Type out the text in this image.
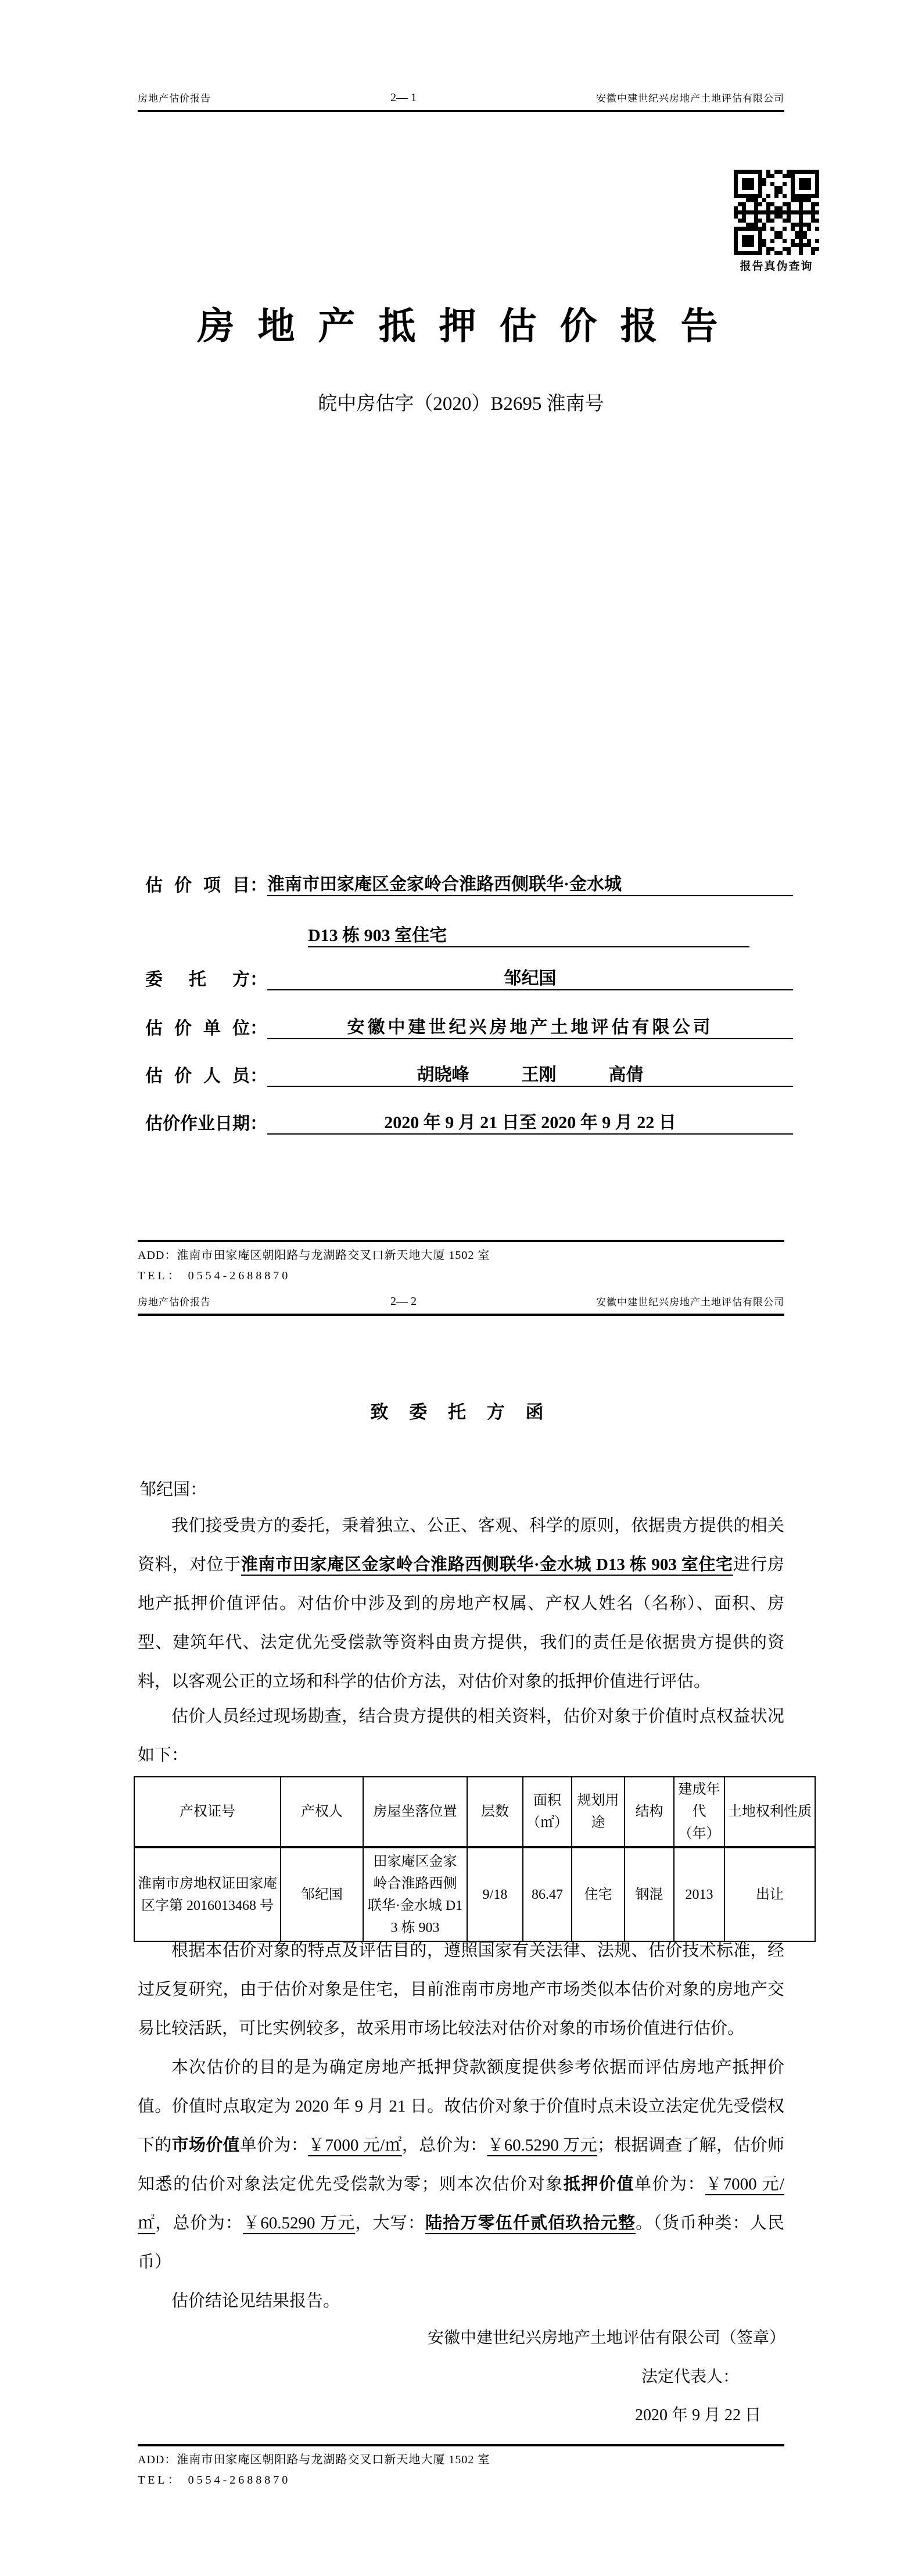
房地产估价报告	2— 1	安徽中建世纪兴房地产土地评估有限公司
报告真伪查询
房 地 产 抵 押 估 价 报 告
皖中房估字（2020）B2695 淮南号
估价项目：淮南市田家庵区金家岭合淮路西侧联华·金水城
D13 栋 903 室住宅
委托方：	邹纪国
估价单位：	安徽中建世纪兴房地产土地评估有限公司
估价人员：	胡晓峰　　　王刚　　　高倩
估价作业日期：	2020 年 9 月 21 日至 2020 年 9 月 22 日
ADD：淮南市田家庵区朝阳路与龙湖路交叉口新天地大厦 1502 室
TEL： 0554-2688870
房地产估价报告	2— 2	安徽中建世纪兴房地产土地评估有限公司
致 委 托 方 函
邹纪国：

我们接受贵方的委托，秉着独立、公正、客观、科学的原则，依据贵方提供的相关资料，对位于淮南市田家庵区金家岭合淮路西侧联华·金水城 D13 栋 903 室住宅进行房地产抵押价值评估。对估价中涉及到的房地产权属、产权人姓名（名称）、面积、房型、建筑年代、法定优先受偿款等资料由贵方提供，我们的责任是依据贵方提供的资料，以客观公正的立场和科学的估价方法，对估价对象的抵押价值进行评估。

估价人员经过现场勘查，结合贵方提供的相关资料，估价对象于价值时点权益状况如下：

产权证号	产权人	房屋坐落位置	层数	面积（㎡）	规划用途	结构	建成年代（年）	土地权利性质
淮南市房地权证田家庵区字第 2016013468 号	邹纪国	田家庵区金家岭合淮路西侧联华·金水城 D13 栋 903	9/18	86.47	住宅	钢混	2013	出让

根据本估价对象的特点及评估目的，遵照国家有关法律、法规、估价技术标准，经过反复研究，由于估价对象是住宅，目前淮南市房地产市场类似本估价对象的房地产交易比较活跃，可比实例较多，故采用市场比较法对估价对象的市场价值进行估价。

本次估价的目的是为确定房地产抵押贷款额度提供参考依据而评估房地产抵押价值。价值时点取定为 2020 年 9 月 21 日。故估价对象于价值时点未设立法定优先受偿权下的市场价值单价为：￥7000 元/㎡，总价为：￥60.5290 万元；根据调查了解，估价师知悉的估价对象法定优先受偿款为零；则本次估价对象抵押价值单价为：￥7000 元/㎡，总价为：￥60.5290 万元，大写：陆拾万零伍仟贰佰玖拾元整。（货币种类：人民币）

估价结论见结果报告。

安徽中建世纪兴房地产土地评估有限公司（签章）
法定代表人：
2020 年 9 月 22 日
ADD：淮南市田家庵区朝阳路与龙湖路交叉口新天地大厦 1502 室
TEL： 0554-2688870
